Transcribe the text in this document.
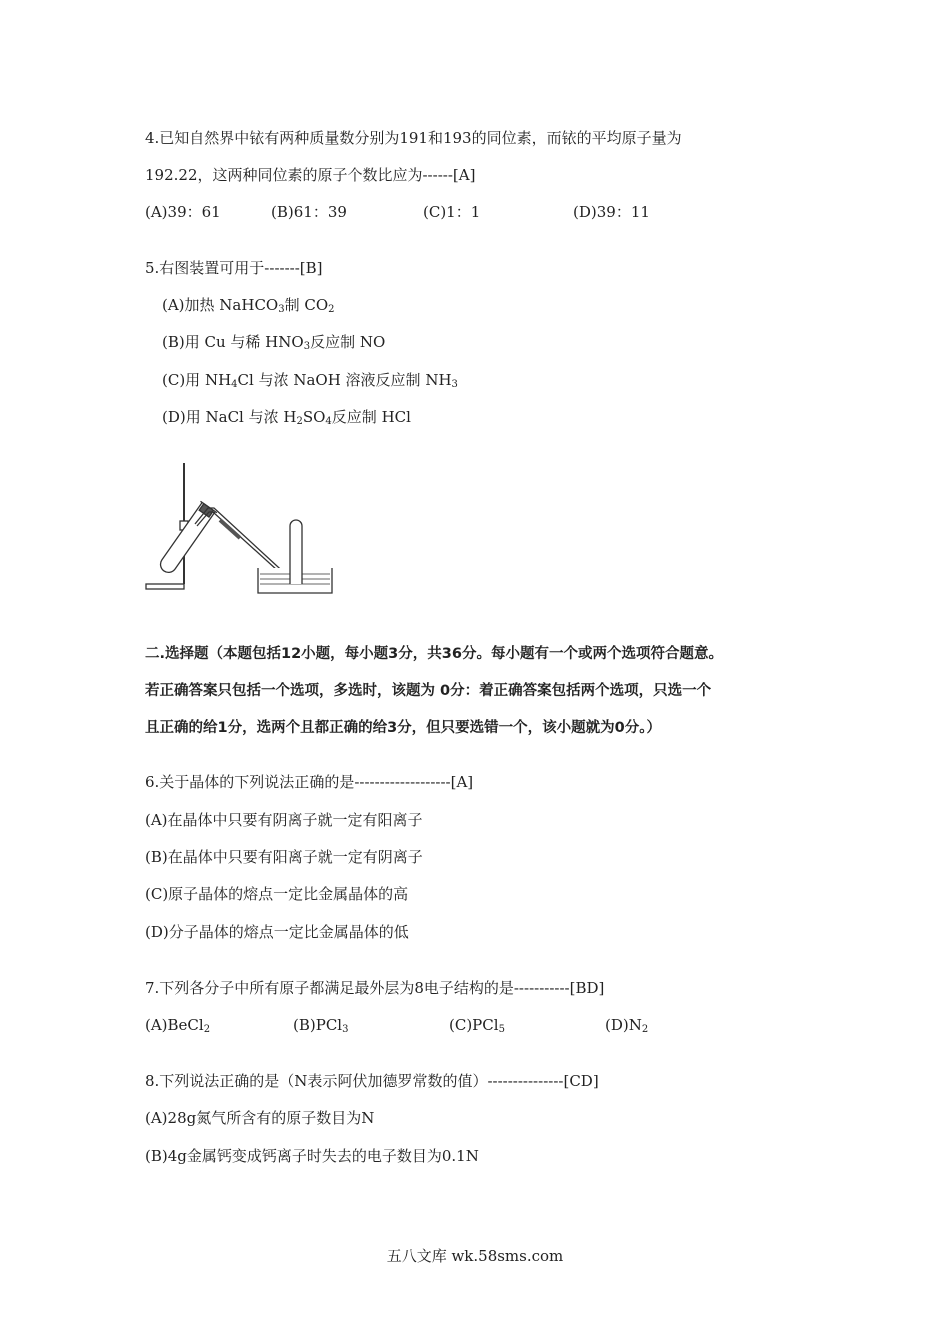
4.已知自然界中铱有两种质量数分别为191和193的同位素，而铱的平均原子量为
192.22，这两种同位素的原子个数比应为------[A]
(A)39：61	(B)61：39	(C)1：1	(D)39：11
5.右图装置可用于-------[B]
(A)加热 NaHCO$_3$制 $CO_2$
(B)用 Cu 与稀 $HNO_3$反应制 NO
(C)用 $NH_4Cl$ 与浓 NaOH 溶液反应制 $NH_3$
(D)用 NaCl 与浓 $H_2SO_4$反应制 HCl
二.选择题（本题包括12小题，每小题3分，共36分。每小题有一个或两个选项符合题意。
若正确答案只包括一个选项，多选时，该题为 0分：着正确答案包括两个选项，只选一个
且正确的给1分，选两个且都正确的给3分，但只要选错一个，该小题就为0分。）
6.关于晶体的下列说法正确的是-------------------[A]
(A)在晶体中只要有阴离子就一定有阳离子
(B)在晶体中只要有阳离子就一定有阴离子
(C)原子晶体的熔点一定比金属晶体的高
(D)分子晶体的熔点一定比金属晶体的低
7.下列各分子中所有原子都满足最外层为8电子结构的是-----------[BD]
(A)BeCl$_2$	(B)PCl$_3$	(C)PCl$_5$	$(D)N_2$
8.下列说法正确的是（N表示阿伏加德罗常数的值）---------------[CD]
(A)28g氮气所含有的原子数目为N
(B)4g金属钙变成钙离子时失去的电子数目为0.1N
五八文库 wk.58sms.com
